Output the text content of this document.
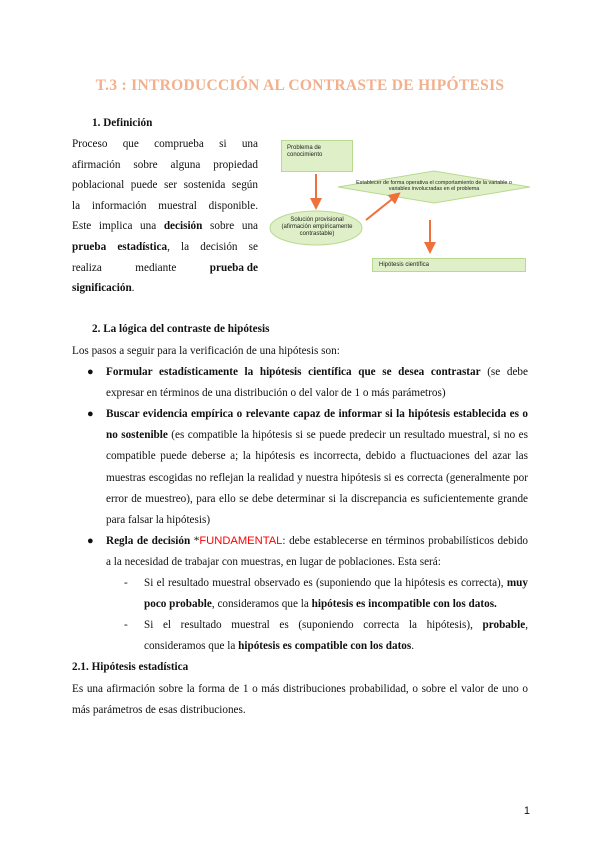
T.3 : INTRODUCCIÓN AL CONTRASTE DE HIPÓTESIS
1. Definición
Proceso que comprueba si una
afirmación sobre alguna propiedad
poblacional puede ser sostenida según
la información muestral disponible.
Este implica una decisión sobre una
prueba estadística, la decisión se
realiza	mediante	prueba de
significación.
Problema de conocimiento
Establecer de forma operativa el comportamiento de la variable o variables involucradas en el problema
Solución provisional (afirmación empíricamente contrastable)
Hipótesis científica
2. La lógica del contraste de hipótesis
Los pasos a seguir para la verificación de una hipótesis son:
● Formular estadísticamente la hipótesis científica que se desea contrastar (se debe expresar en términos de una distribución o del valor de 1 o más parámetros)
● Buscar evidencia empírica o relevante capaz de informar si la hipótesis establecida es o no sostenible (es compatible la hipótesis si se puede predecir un resultado muestral, si no es compatible puede deberse a; la hipótesis es incorrecta, debido a fluctuaciones del azar las muestras escogidas no reflejan la realidad y nuestra hipótesis si es correcta (generalmente por error de muestreo), para ello se debe determinar si la discrepancia es suficientemente grande para falsar la hipótesis)
● Regla de decisión *FUNDAMENTAL: debe establecerse en términos probabilísticos debido a la necesidad de trabajar con muestras, en lugar de poblaciones. Esta será:
- Si el resultado muestral observado es (suponiendo que la hipótesis es correcta), muy poco probable, consideramos que la hipótesis es incompatible con los datos.
- Si el resultado muestral es (suponiendo correcta la hipótesis), probable, consideramos que la hipótesis es compatible con los datos.
2.1. Hipótesis estadística
Es una afirmación sobre la forma de 1 o más distribuciones probabilidad, o sobre el valor de uno o más parámetros de esas distribuciones.
1
